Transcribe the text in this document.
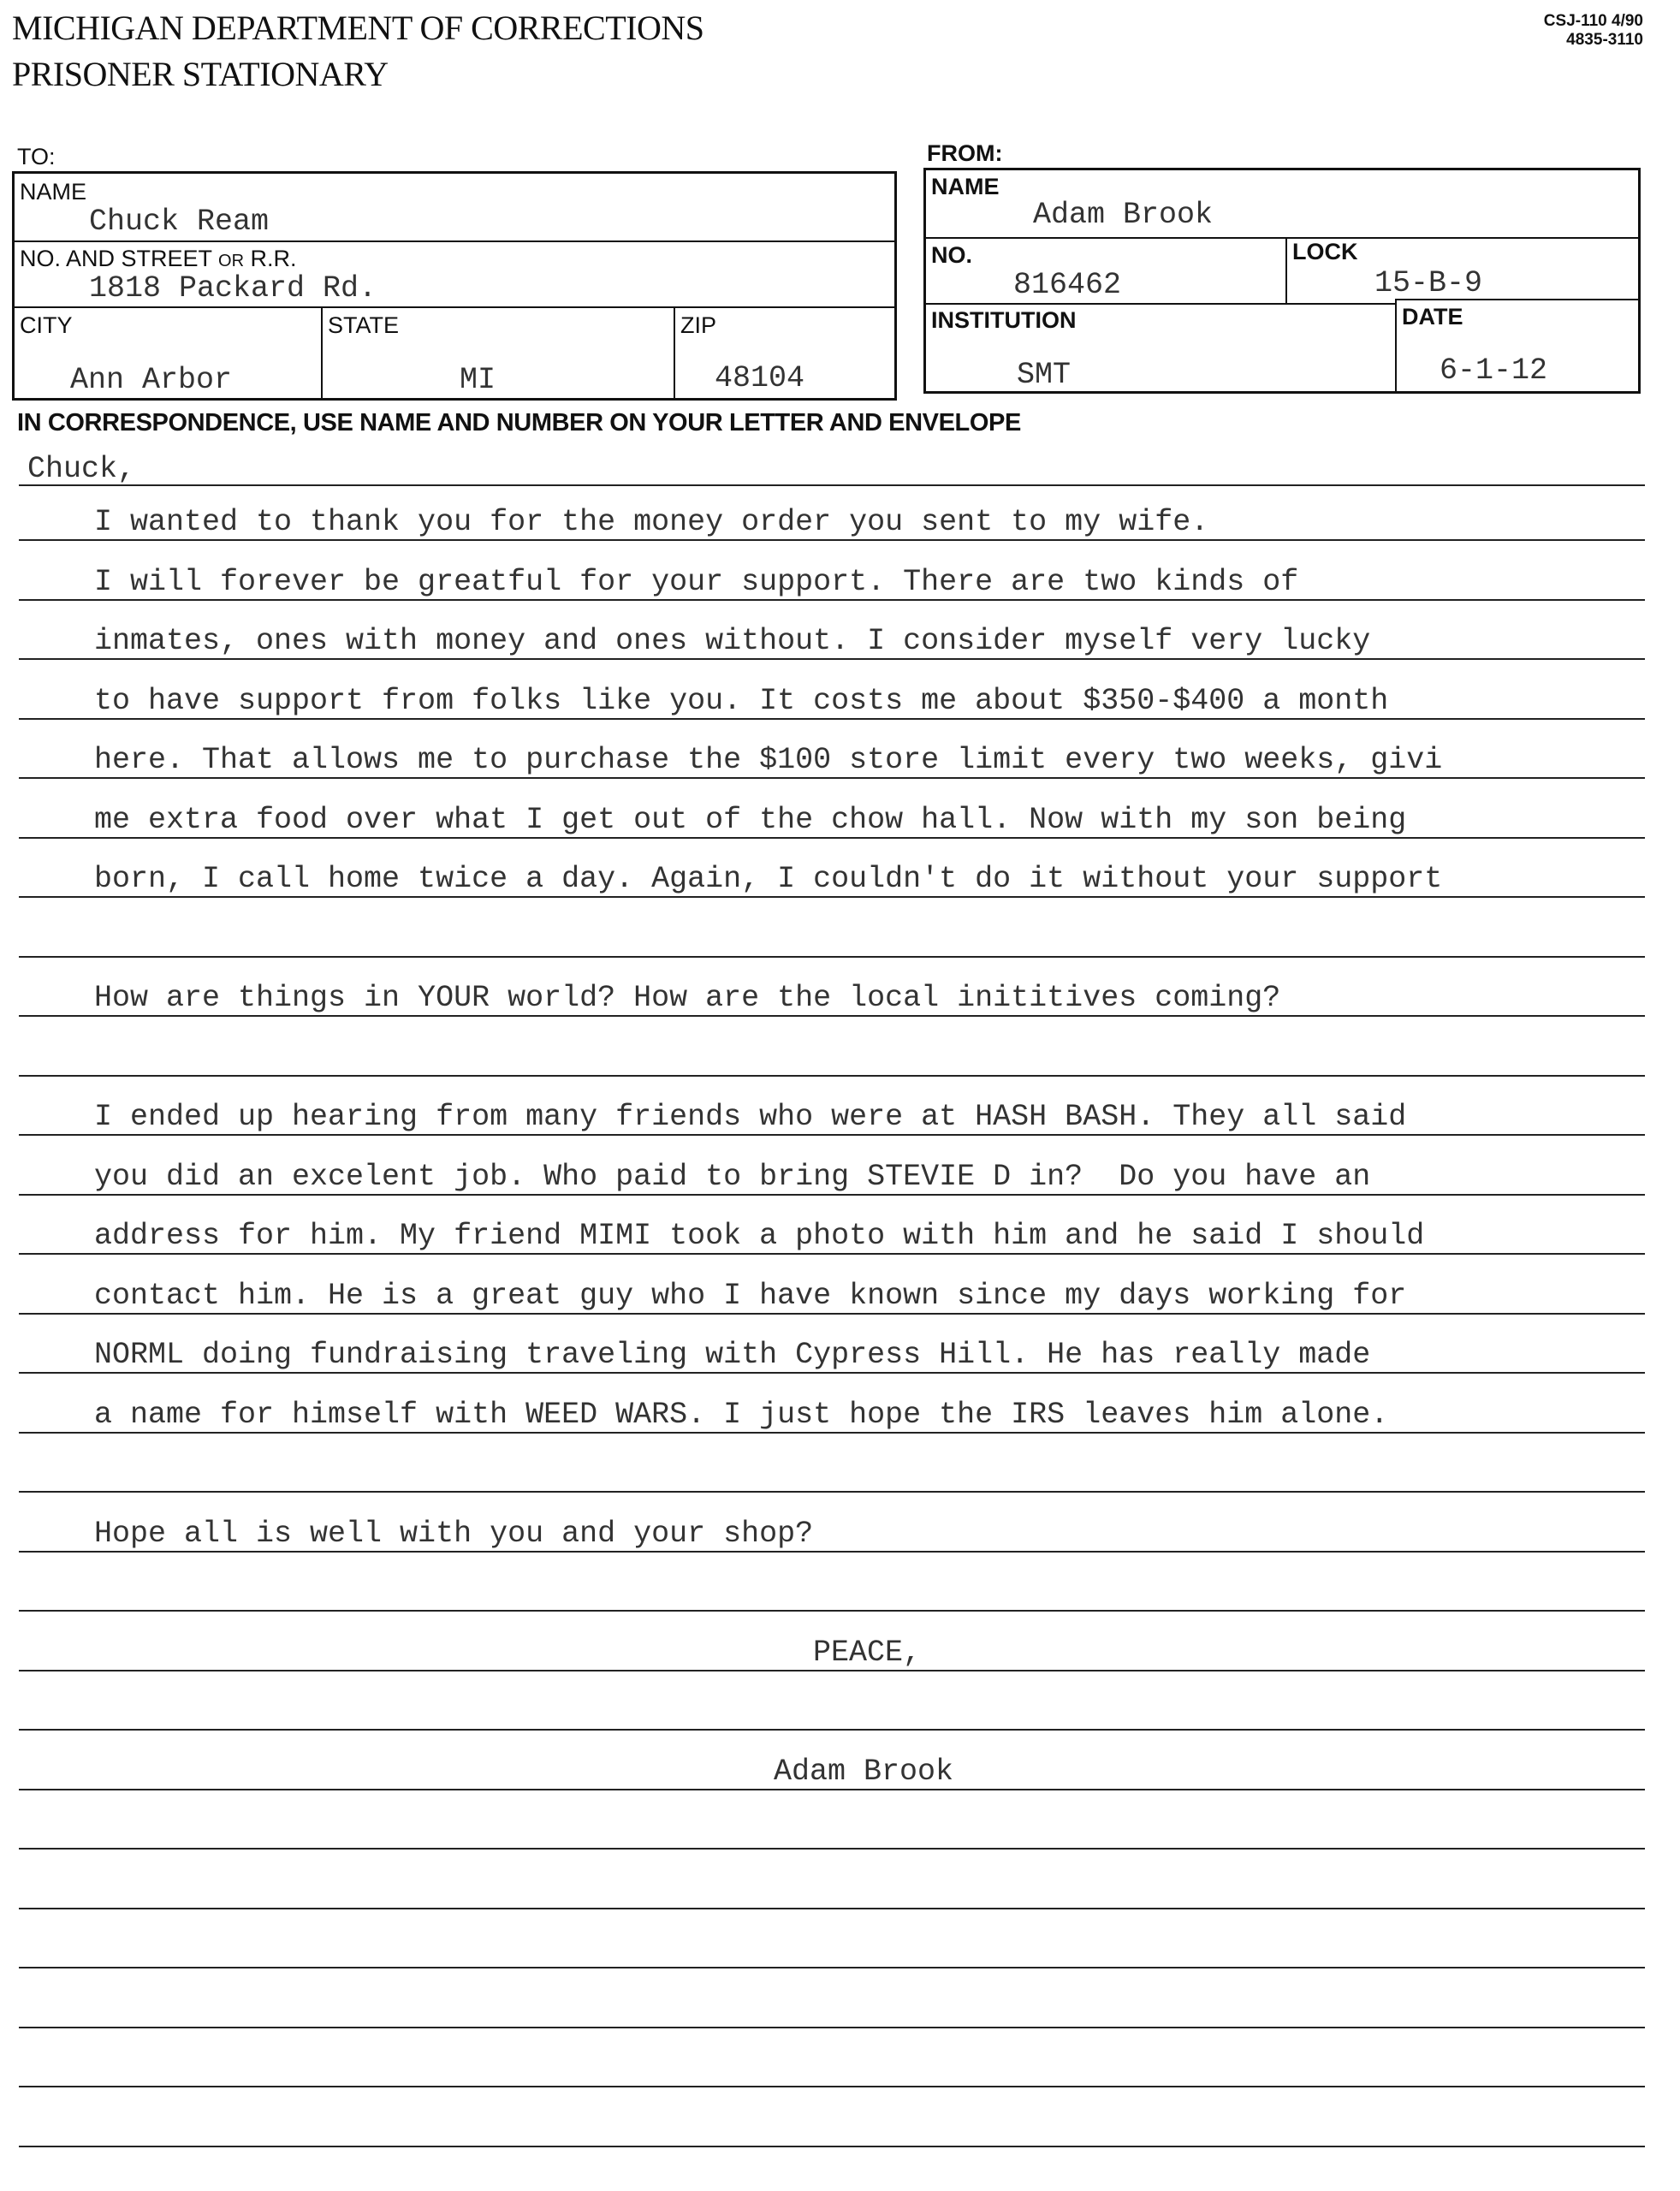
MICHIGAN DEPARTMENT OF CORRECTIONS
PRISONER STATIONARY
CSJ-110 4/90
4835-3110
TO:
NAME
Chuck Ream
NO. AND STREET OR R.R.
1818 Packard Rd.
CITY
Ann Arbor
STATE
MI
ZIP
48104
FROM:
NAME
Adam Brook
NO.
816462
LOCK
15-B-9
INSTITUTION
SMT
DATE
6-1-12
IN CORRESPONDENCE, USE NAME AND NUMBER ON YOUR LETTER AND ENVELOPE
Chuck,
I wanted to thank you for the money order you sent to my wife.
I will forever be greatful for your support. There are two kinds of
inmates, ones with money and ones without. I consider myself very lucky
to have support from folks like you. It costs me about $350-$400 a month
here. That allows me to purchase the $100 store limit every two weeks, givi
me extra food over what I get out of the chow hall. Now with my son being
born, I call home twice a day. Again, I couldn't do it without your support
How are things in YOUR world? How are the local inititives coming?
I ended up hearing from many friends who were at HASH BASH. They all said
you did an excelent job. Who paid to bring STEVIE D in?  Do you have an
address for him. My friend MIMI took a photo with him and he said I should
contact him. He is a great guy who I have known since my days working for
NORML doing fundraising traveling with Cypress Hill. He has really made
a name for himself with WEED WARS. I just hope the IRS leaves him alone.
Hope all is well with you and your shop?
PEACE,
Adam Brook
